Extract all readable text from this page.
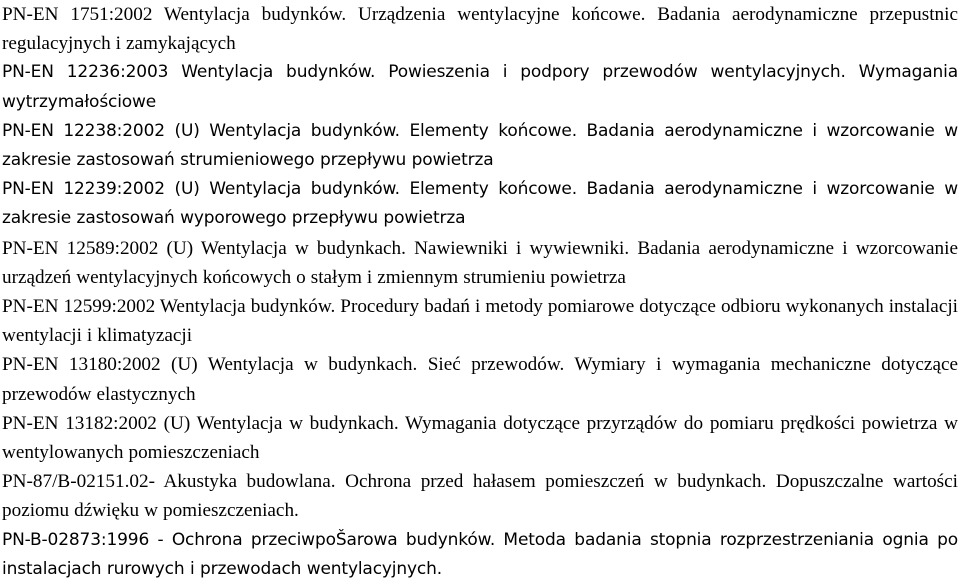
PN-EN 1751:2002 Wentylacja budynków. Urządzenia wentylacyjne końcowe. Badania aerodynamiczne przepustnic regulacyjnych i zamykających

PN-EN 12236:2003 Wentylacja budynków. Powieszenia i podpory przewodów wentylacyjnych. Wymagania wytrzymałościowe

PN-EN 12238:2002 (U) Wentylacja budynków. Elementy końcowe. Badania aerodynamiczne i wzorcowanie w zakresie zastosowań strumieniowego przepływu powietrza

PN-EN 12239:2002 (U) Wentylacja budynków. Elementy końcowe. Badania aerodynamiczne i wzorcowanie w zakresie zastosowań wyporowego przepływu powietrza

PN-EN 12589:2002 (U) Wentylacja w budynkach. Nawiewniki i wywiewniki. Badania aerodynamiczne i wzorcowanie urządzeń wentylacyjnych końcowych o stałym i zmiennym strumieniu powietrza

PN-EN 12599:2002 Wentylacja budynków. Procedury badań i metody pomiarowe dotyczące odbioru wykonanych instalacji wentylacji i klimatyzacji

PN-EN 13180:2002 (U) Wentylacja w budynkach. Sieć przewodów. Wymiary i wymagania mechaniczne dotyczące przewodów elastycznych

PN-EN 13182:2002 (U) Wentylacja w budynkach. Wymagania dotyczące przyrządów do pomiaru prędkości powietrza w wentylowanych pomieszczeniach

PN-87/B-02151.02- Akustyka budowlana. Ochrona przed hałasem pomieszczeń w budynkach. Dopuszczalne wartości poziomu dźwięku w pomieszczeniach.

PN-B-02873:1996 - Ochrona przeciwpoŠarowa budynków. Metoda badania stopnia rozprzestrzeniania ognia po instalacjach rurowych i przewodach wentylacyjnych.
